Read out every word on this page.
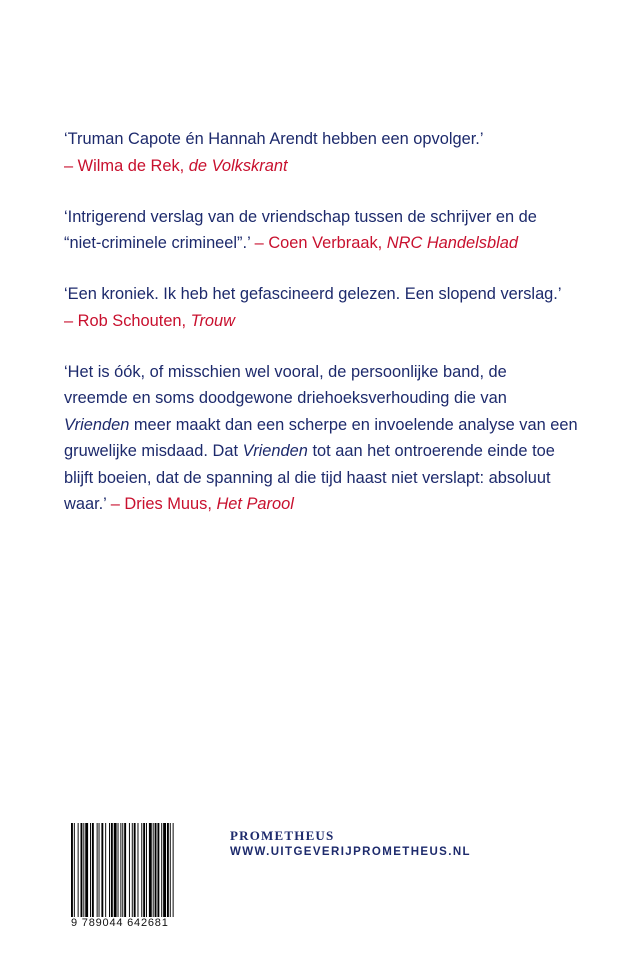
‘Truman Capote én Hannah Arendt hebben een opvolger.’
– Wilma de Rek, de Volkskrant

‘Intrigerend verslag van de vriendschap tussen de schrijver en de
“niet-criminele crimineel”.’ – Coen Verbraak, NRC Handelsblad

‘Een kroniek. Ik heb het gefascineerd gelezen. Een slopend verslag.’
– Rob Schouten, Trouw

‘Het is óók, of misschien wel vooral, de persoonlijke band, de
vreemde en soms doodgewone driehoeksverhouding die van
Vrienden meer maakt dan een scherpe en invoelende analyse van een
gruwelijke misdaad. Dat Vrienden tot aan het ontroerende einde toe
blijft boeien, dat de spanning al die tijd haast niet verslapt: absoluut
waar.’ – Dries Muus, Het Parool

9 789044 642681
PROMETHEUS
WWW.UITGEVERIJPROMETHEUS.NL
